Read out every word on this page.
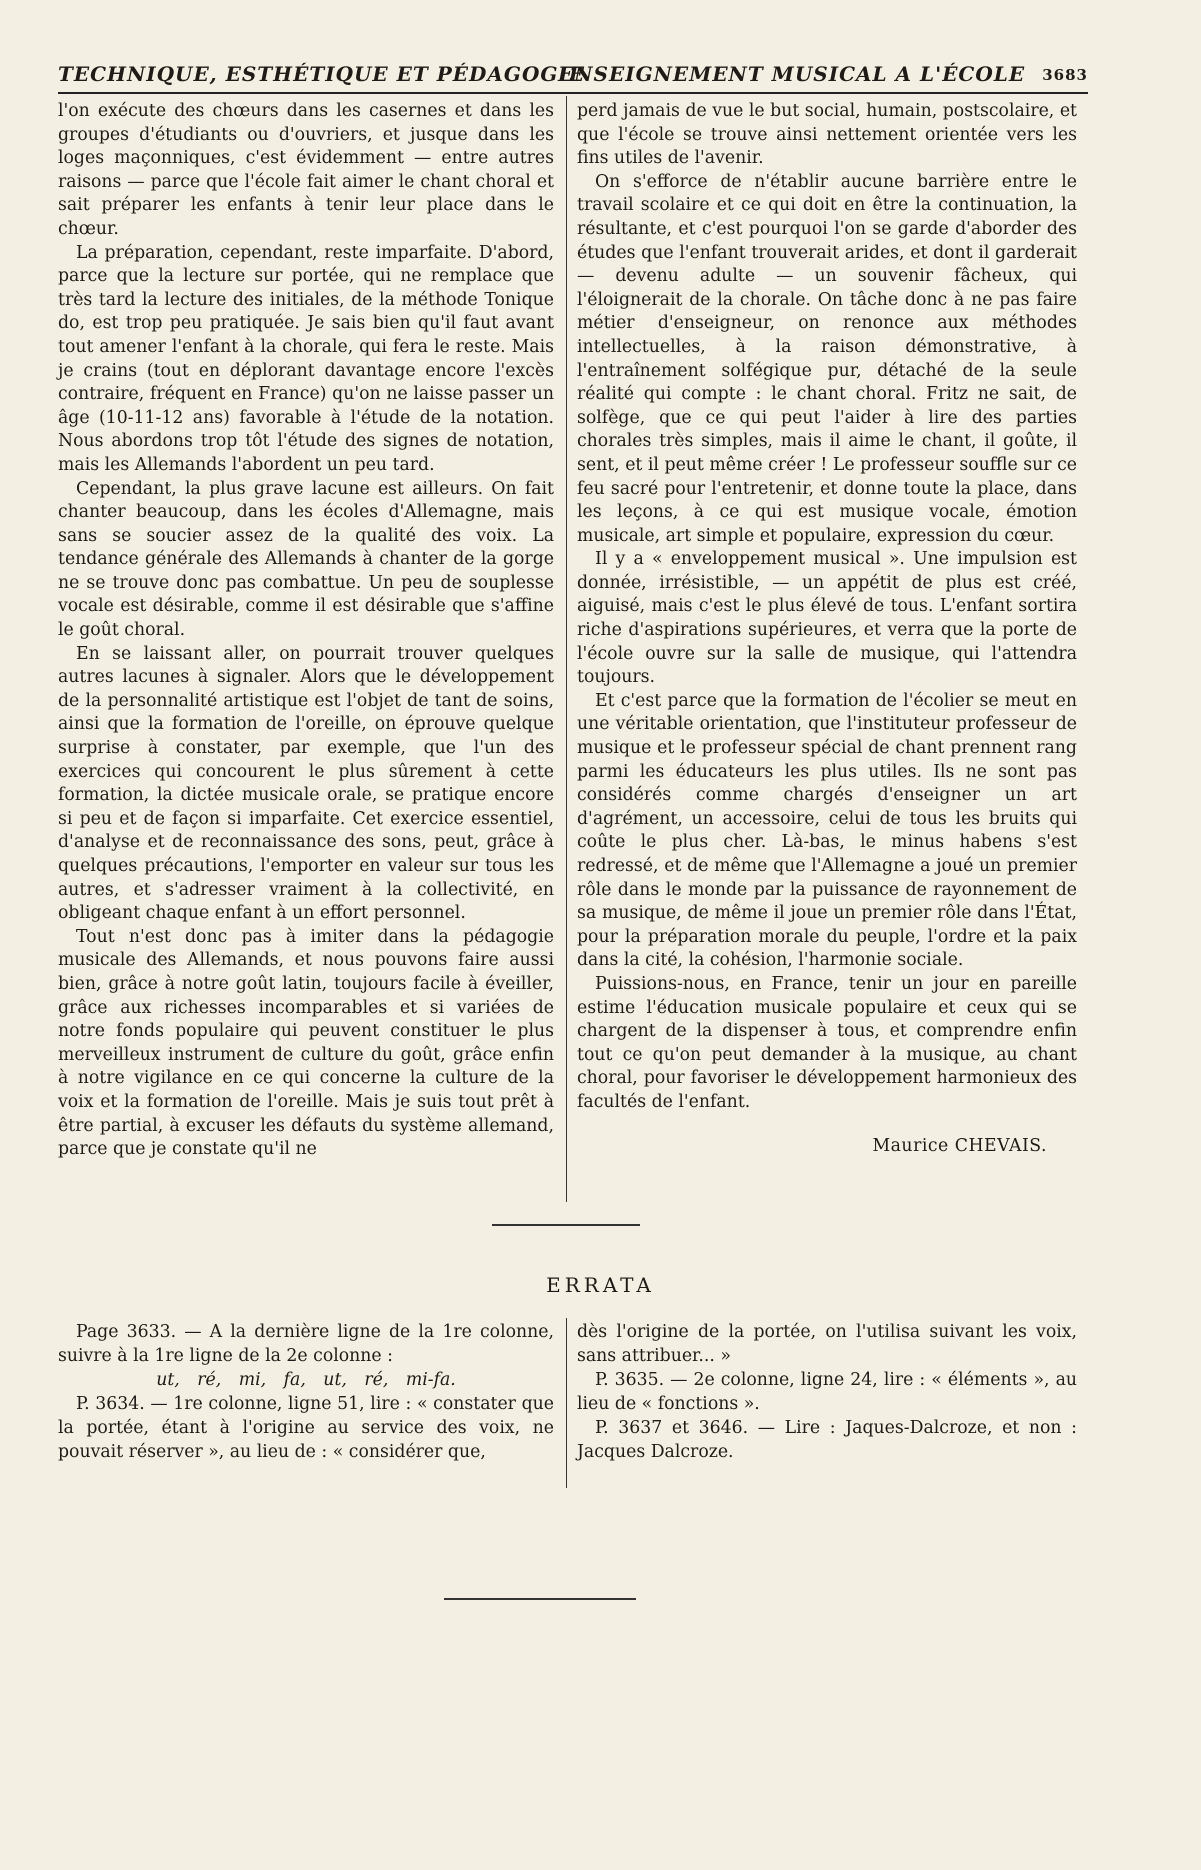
TECHNIQUE, ESTHÉTIQUE ET PÉDAGOGIE
ENSEIGNEMENT MUSICAL A L'ÉCOLE 3683

l'on exécute des chœurs dans les casernes et dans les groupes d'étudiants ou d'ouvriers, et jusque dans les loges maçonniques, c'est évidemment — entre autres raisons — parce que l'école fait aimer le chant choral et sait préparer les enfants à tenir leur place dans le chœur.

La préparation, cependant, reste imparfaite. D'abord, parce que la lecture sur portée, qui ne remplace que très tard la lecture des initiales, de la méthode Tonique do, est trop peu pratiquée. Je sais bien qu'il faut avant tout amener l'enfant à la chorale, qui fera le reste. Mais je crains (tout en déplorant davantage encore l'excès contraire, fréquent en France) qu'on ne laisse passer un âge (10-11-12 ans) favorable à l'étude de la notation. Nous abordons trop tôt l'étude des signes de notation, mais les Allemands l'abordent un peu tard.

Cependant, la plus grave lacune est ailleurs. On fait chanter beaucoup, dans les écoles d'Allemagne, mais sans se soucier assez de la qualité des voix. La tendance générale des Allemands à chanter de la gorge ne se trouve donc pas combattue. Un peu de souplesse vocale est désirable, comme il est désirable que s'affine le goût choral.

En se laissant aller, on pourrait trouver quelques autres lacunes à signaler. Alors que le développement de la personnalité artistique est l'objet de tant de soins, ainsi que la formation de l'oreille, on éprouve quelque surprise à constater, par exemple, que l'un des exercices qui concourent le plus sûrement à cette formation, la dictée musicale orale, se pratique encore si peu et de façon si imparfaite. Cet exercice essentiel, d'analyse et de reconnaissance des sons, peut, grâce à quelques précautions, l'emporter en valeur sur tous les autres, et s'adresser vraiment à la collectivité, en obligeant chaque enfant à un effort personnel.

Tout n'est donc pas à imiter dans la pédagogie musicale des Allemands, et nous pouvons faire aussi bien, grâce à notre goût latin, toujours facile à éveiller, grâce aux richesses incomparables et si variées de notre fonds populaire qui peuvent constituer le plus merveilleux instrument de culture du goût, grâce enfin à notre vigilance en ce qui concerne la culture de la voix et la formation de l'oreille. Mais je suis tout prêt à être partial, à excuser les défauts du système allemand, parce que je constate qu'il ne

perd jamais de vue le but social, humain, postscolaire, et que l'école se trouve ainsi nettement orientée vers les fins utiles de l'avenir.

On s'efforce de n'établir aucune barrière entre le travail scolaire et ce qui doit en être la continuation, la résultante, et c'est pourquoi l'on se garde d'aborder des études que l'enfant trouverait arides, et dont il garderait — devenu adulte — un souvenir fâcheux, qui l'éloignerait de la chorale. On tâche donc à ne pas faire métier d'enseigneur, on renonce aux méthodes intellectuelles, à la raison démonstrative, à l'entraînement solfégique pur, détaché de la seule réalité qui compte : le chant choral. Fritz ne sait, de solfège, que ce qui peut l'aider à lire des parties chorales très simples, mais il aime le chant, il goûte, il sent, et il peut même créer ! Le professeur souffle sur ce feu sacré pour l'entretenir, et donne toute la place, dans les leçons, à ce qui est musique vocale, émotion musicale, art simple et populaire, expression du cœur.

Il y a « enveloppement musical ». Une impulsion est donnée, irrésistible, — un appétit de plus est créé, aiguisé, mais c'est le plus élevé de tous. L'enfant sortira riche d'aspirations supérieures, et verra que la porte de l'école ouvre sur la salle de musique, qui l'attendra toujours.

Et c'est parce que la formation de l'écolier se meut en une véritable orientation, que l'instituteur professeur de musique et le professeur spécial de chant prennent rang parmi les éducateurs les plus utiles. Ils ne sont pas considérés comme chargés d'enseigner un art d'agrément, un accessoire, celui de tous les bruits qui coûte le plus cher. Là-bas, le minus habens s'est redressé, et de même que l'Allemagne a joué un premier rôle dans le monde par la puissance de rayonnement de sa musique, de même il joue un premier rôle dans l'État, pour la préparation morale du peuple, l'ordre et la paix dans la cité, la cohésion, l'harmonie sociale.

Puissions-nous, en France, tenir un jour en pareille estime l'éducation musicale populaire et ceux qui se chargent de la dispenser à tous, et comprendre enfin tout ce qu'on peut demander à la musique, au chant choral, pour favoriser le développement harmonieux des facultés de l'enfant.

Maurice CHEVAIS.
ERRATA

Page 3633. — A la dernière ligne de la 1re colonne, suivre à la 1re ligne de la 2e colonne :

ut, ré, mi, fa, ut, ré, mi-fa.

P. 3634. — 1re colonne, ligne 51, lire : « constater que la portée, étant à l'origine au service des voix, ne pouvait réserver », au lieu de : « considérer que,

dès l'origine de la portée, on l'utilisa suivant les voix, sans attribuer... »

P. 3635. — 2e colonne, ligne 24, lire : « éléments », au lieu de « fonctions ».

P. 3637 et 3646. — Lire : Jaques-Dalcroze, et non : Jacques Dalcroze.
